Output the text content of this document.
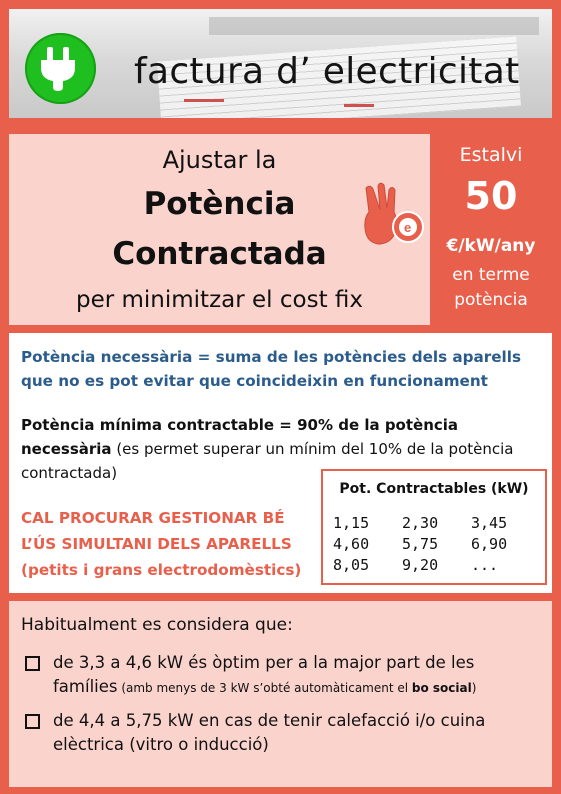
factura d’ electricitat
Ajustar la
Potència
Contractada
per minimitzar el cost fix
e
Estalvi
50
€/kW/any
en terme
potència
Potència necessària = suma de les potències dels aparells que no es pot evitar que coincideixin en funcionament
Potència mínima contractable = 90% de la potència necessària (es permet superar un mínim del 10% de la potència contractada)
CAL PROCURAR GESTIONAR BÉ L’ÚS SIMULTANI DELS APARELLS (petits i grans electrodomèstics)
Pot. Contractables (kW)
1,15	2,30	3,45
4,60	5,75	6,90
8,05	9,20	...
Habitualment es considera que:
de 3,3 a 4,6 kW és òptim per a la major part de les famílies (amb menys de 3 kW s’obté automàticament el bo social)
de 4,4 a 5,75 kW en cas de tenir calefacció i/o cuina elèctrica (vitro o inducció)
